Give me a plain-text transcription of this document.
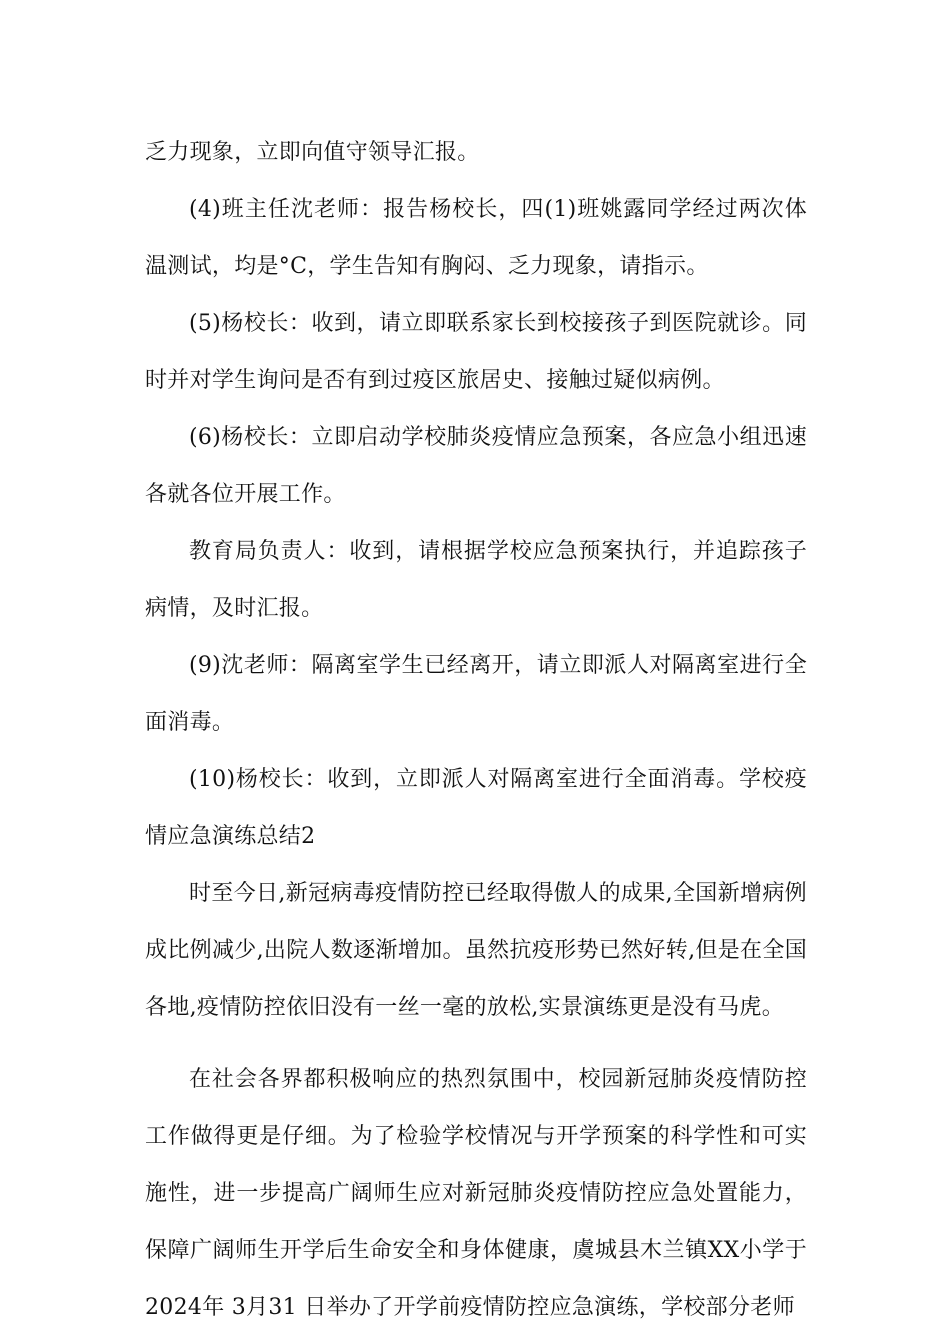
乏力现象，立即向值守领导汇报。

(4)班主任沈老师：报告杨校长，四(1)班姚露同学经过两次体温测试，均是°C，学生告知有胸闷、乏力现象，请指示。

(5)杨校长：收到，请立即联系家长到校接孩子到医院就诊。同时并对学生询问是否有到过疫区旅居史、接触过疑似病例。

(6)杨校长：立即启动学校肺炎疫情应急预案，各应急小组迅速各就各位开展工作。

教育局负责人：收到，请根据学校应急预案执行，并追踪孩子病情，及时汇报。

(9)沈老师：隔离室学生已经离开，请立即派人对隔离室进行全面消毒。

(10)杨校长：收到，立即派人对隔离室进行全面消毒。学校疫情应急演练总结2

时至今日,新冠病毒疫情防控已经取得傲人的成果,全国新增病例成比例减少,出院人数逐渐增加。虽然抗疫形势已然好转,但是在全国各地,疫情防控依旧没有一丝一毫的放松,实景演练更是没有马虎。

在社会各界都积极响应的热烈氛围中，校园新冠肺炎疫情防控工作做得更是仔细。为了检验学校情况与开学预案的科学性和可实施性，进一步提高广阔师生应对新冠肺炎疫情防控应急处置能力，保障广阔师生开学后生命安全和身体健康，虞城县木兰镇XX小学于2024年 3月31 日举办了开学前疫情防控应急演练，学校部分老师
